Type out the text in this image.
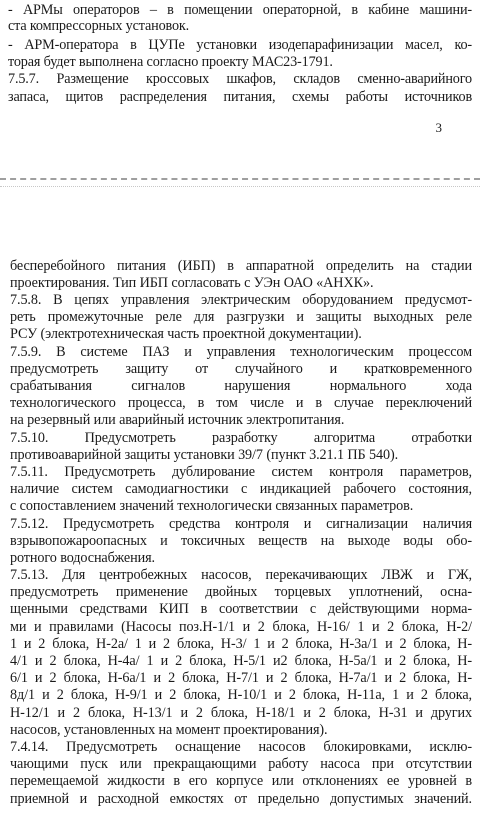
- АРМы операторов – в помещении операторной, в кабине машини-
ста компрессорных установок.
- АРМ-оператора в ЦУПе установки изодепарафинизации масел, ко-
торая будет выполнена согласно проекту МАС23-1791.
7.5.7. Размещение кроссовых шкафов, складов сменно-аварийного
запаса, щитов распределения питания, схемы работы источников
3
бесперебойного питания (ИБП) в аппаратной определить на стадии
проектирования. Тип ИБП согласовать с УЭн ОАО «АНХК».
7.5.8. В цепях управления электрическим оборудованием предусмот-
реть промежуточные реле для разгрузки и защиты выходных реле
РСУ (электротехническая часть проектной документации).
7.5.9. В системе ПАЗ и управления технологическим процессом
предусмотреть защиту от случайного и кратковременного
срабатывания сигналов нарушения нормального хода
технологического процесса, в том числе и в случае переключений
на резервный или аварийный источник электропитания.
7.5.10. Предусмотреть разработку алгоритма отработки
противоаварийной защиты установки 39/7 (пункт 3.21.1 ПБ 540).
7.5.11. Предусмотреть дублирование систем контроля параметров,
наличие систем самодиагностики с индикацией рабочего состояния,
с сопоставлением значений технологически связанных параметров.
7.5.12. Предусмотреть средства контроля и сигнализации наличия
взрывопожароопасных и токсичных веществ на выходе воды обо-
ротного водоснабжения.
7.5.13. Для центробежных насосов, перекачивающих ЛВЖ и ГЖ,
предусмотреть применение двойных торцевых уплотнений, осна-
щенными средствами КИП в соответствии с действующими норма-
ми и правилами (Насосы поз.Н-1/1 и 2 блока, Н-16/ 1 и 2 блока, Н-2/
1 и 2 блока, Н-2а/ 1 и 2 блока, Н-3/ 1 и 2 блока, Н-3а/1 и 2 блока, Н-
4/1 и 2 блока, Н-4а/ 1 и 2 блока, Н-5/1 и2 блока, Н-5а/1 и 2 блока, Н-
6/1 и 2 блока, Н-6а/1 и 2 блока, Н-7/1 и 2 блока, Н-7а/1 и 2 блока, Н-
8д/1 и 2 блока, Н-9/1 и 2 блока, Н-10/1 и 2 блока, Н-11а, 1 и 2 блока,
Н-12/1 и 2 блока, Н-13/1 и 2 блока, Н-18/1 и 2 блока, Н-31 и других
насосов, установленных на момент проектирования).
7.4.14. Предусмотреть оснащение насосов блокировками, исклю-
чающими пуск или прекращающими работу насоса при отсутствии
перемещаемой жидкости в его корпусе или отклонениях ее уровней в
приемной и расходной емкостях от предельно допустимых значений.
